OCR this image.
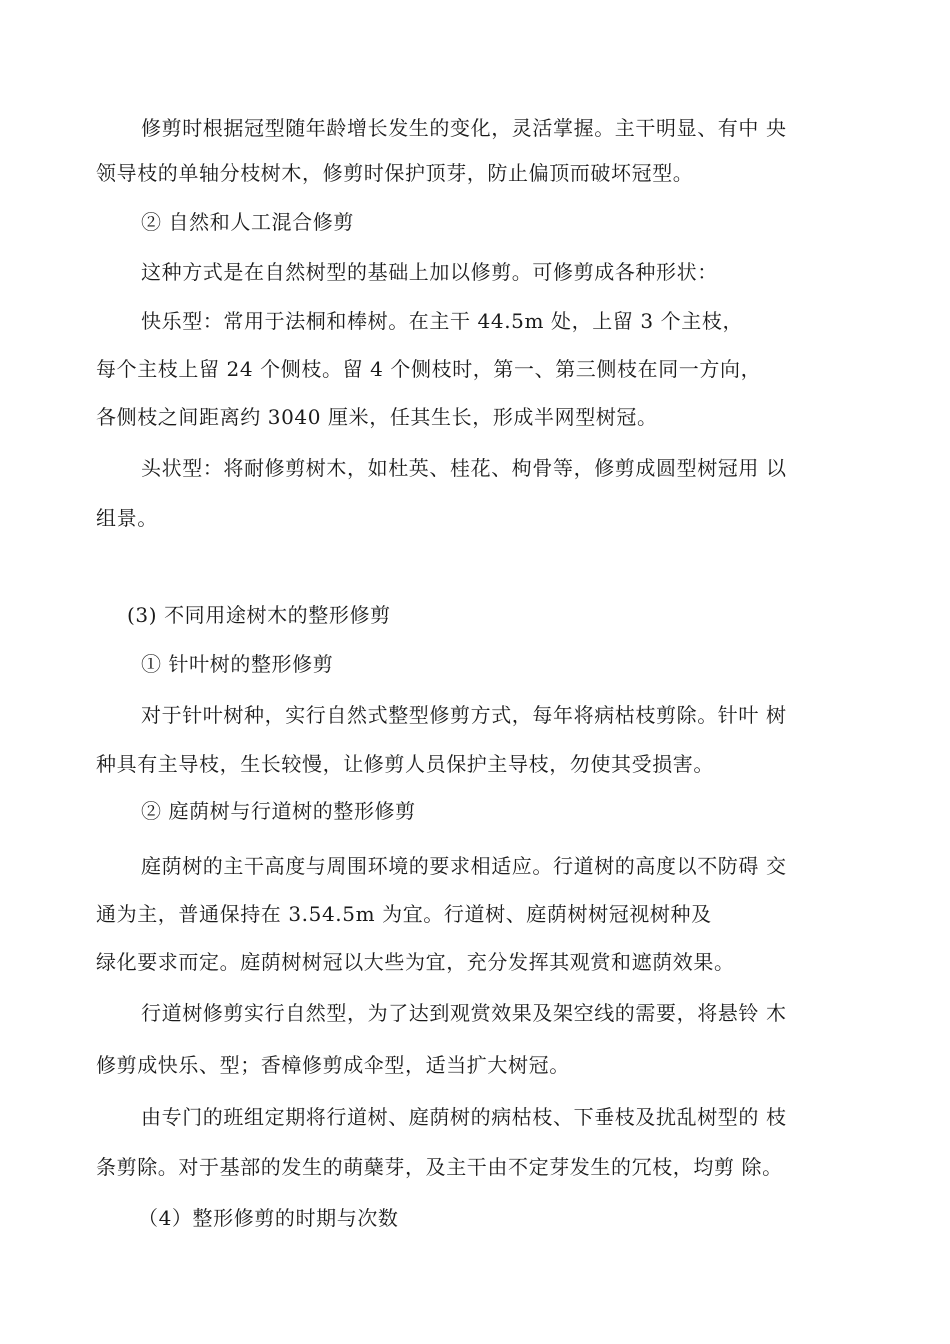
修剪时根据冠型随年龄增长发生的变化，灵活掌握。主干明显、有中 央
领导枝的单轴分枝树木，修剪时保护顶芽，防止偏顶而破坏冠型。
② 自然和人工混合修剪
这种方式是在自然树型的基础上加以修剪。可修剪成各种形状：
快乐型：常用于法桐和棒树。在主干 44.5m 处，上留 3 个主枝，
每个主枝上留 24 个侧枝。留 4 个侧枝时，第一、第三侧枝在同一方向，
各侧枝之间距离约 3040 厘米，任其生长，形成半网型树冠。
头状型：将耐修剪树木，如杜英、桂花、枸骨等，修剪成圆型树冠用 以
组景。
(3) 不同用途树木的整形修剪
① 针叶树的整形修剪
对于针叶树种，实行自然式整型修剪方式，每年将病枯枝剪除。针叶 树
种具有主导枝，生长较慢，让修剪人员保护主导枝，勿使其受损害。
② 庭荫树与行道树的整形修剪
庭荫树的主干高度与周围环境的要求相适应。行道树的高度以不防碍 交
通为主，普通保持在 3.54.5m 为宜。行道树、庭荫树树冠视树种及
绿化要求而定。庭荫树树冠以大些为宜，充分发挥其观赏和遮荫效果。
行道树修剪实行自然型，为了达到观赏效果及架空线的需要，将悬铃 木
修剪成快乐、型；香樟修剪成伞型，适当扩大树冠。
由专门的班组定期将行道树、庭荫树的病枯枝、下垂枝及扰乱树型的 枝
条剪除。对于基部的发生的萌蘖芽，及主干由不定芽发生的冗枝，均剪 除。
（4）整形修剪的时期与次数
